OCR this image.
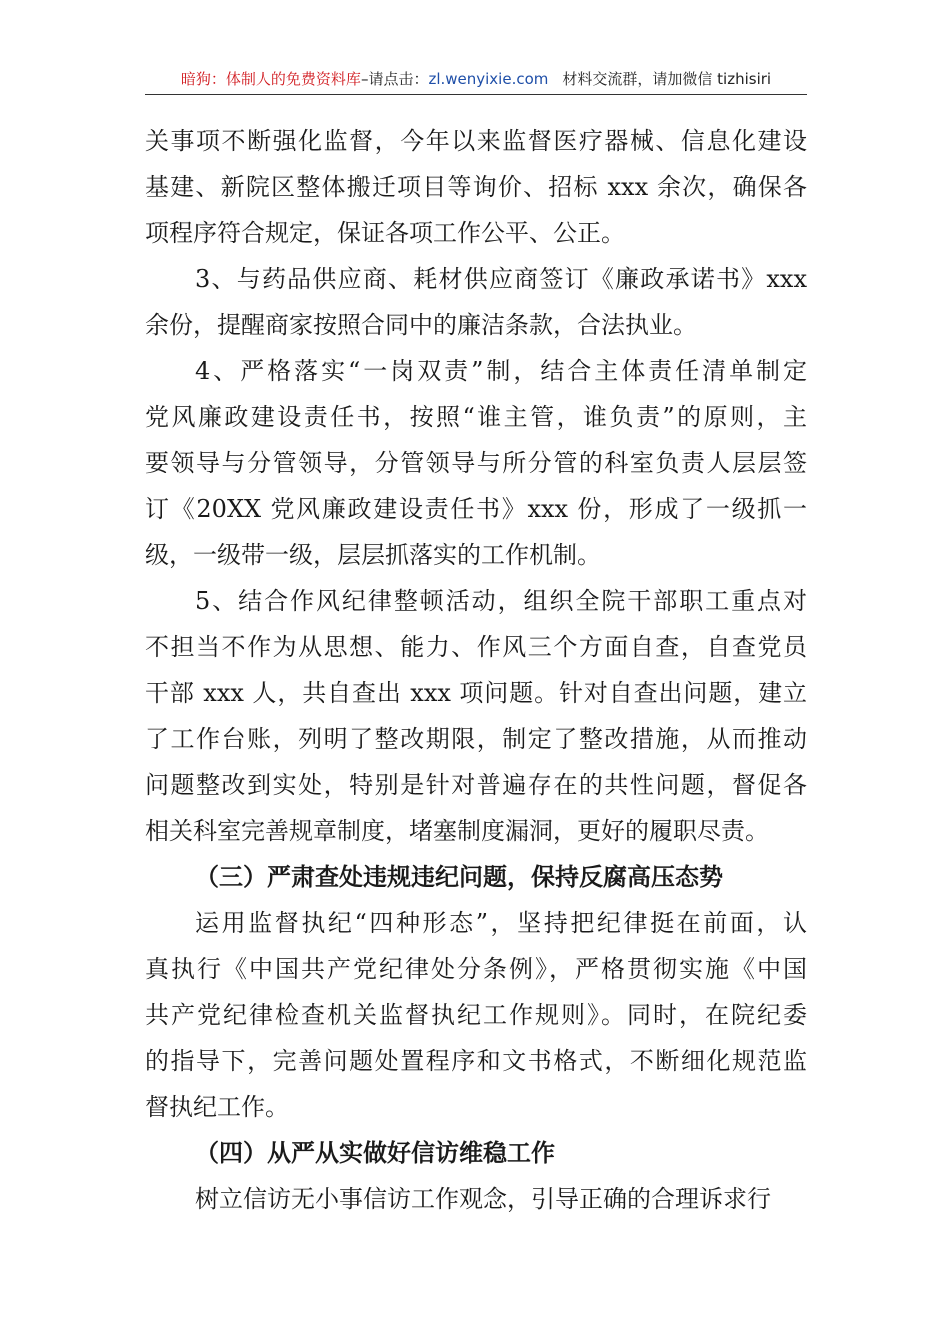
暗狗：体制人的免费资料库–请点击：zl.wenyixie.com 材料交流群，请加微信 tizhisiri
关事项不断强化监督，今年以来监督医疗器械、信息化建设
基建、新院区整体搬迁项目等询价、招标 xxx 余次，确保各
项程序符合规定，保证各项工作公平、公正。
3、与药品供应商、耗材供应商签订《廉政承诺书》xxx
余份，提醒商家按照合同中的廉洁条款，合法执业。
4、严格落实“一岗双责”制，结合主体责任清单制定
党风廉政建设责任书，按照“谁主管，谁负责”的原则，主
要领导与分管领导，分管领导与所分管的科室负责人层层签
订《20XX 党风廉政建设责任书》xxx 份，形成了一级抓一
级，一级带一级，层层抓落实的工作机制。
5、结合作风纪律整顿活动，组织全院干部职工重点对
不担当不作为从思想、能力、作风三个方面自查，自查党员
干部 xxx 人，共自查出 xxx 项问题。针对自查出问题，建立
了工作台账，列明了整改期限，制定了整改措施，从而推动
问题整改到实处，特别是针对普遍存在的共性问题，督促各
相关科室完善规章制度，堵塞制度漏洞，更好的履职尽责。
（三）严肃查处违规违纪问题，保持反腐高压态势
运用监督执纪“四种形态”，坚持把纪律挺在前面，认
真执行《中国共产党纪律处分条例》，严格贯彻实施《中国
共产党纪律检查机关监督执纪工作规则》。同时，在院纪委
的指导下，完善问题处置程序和文书格式，不断细化规范监
督执纪工作。
（四）从严从实做好信访维稳工作
树立信访无小事信访工作观念，引导正确的合理诉求行
